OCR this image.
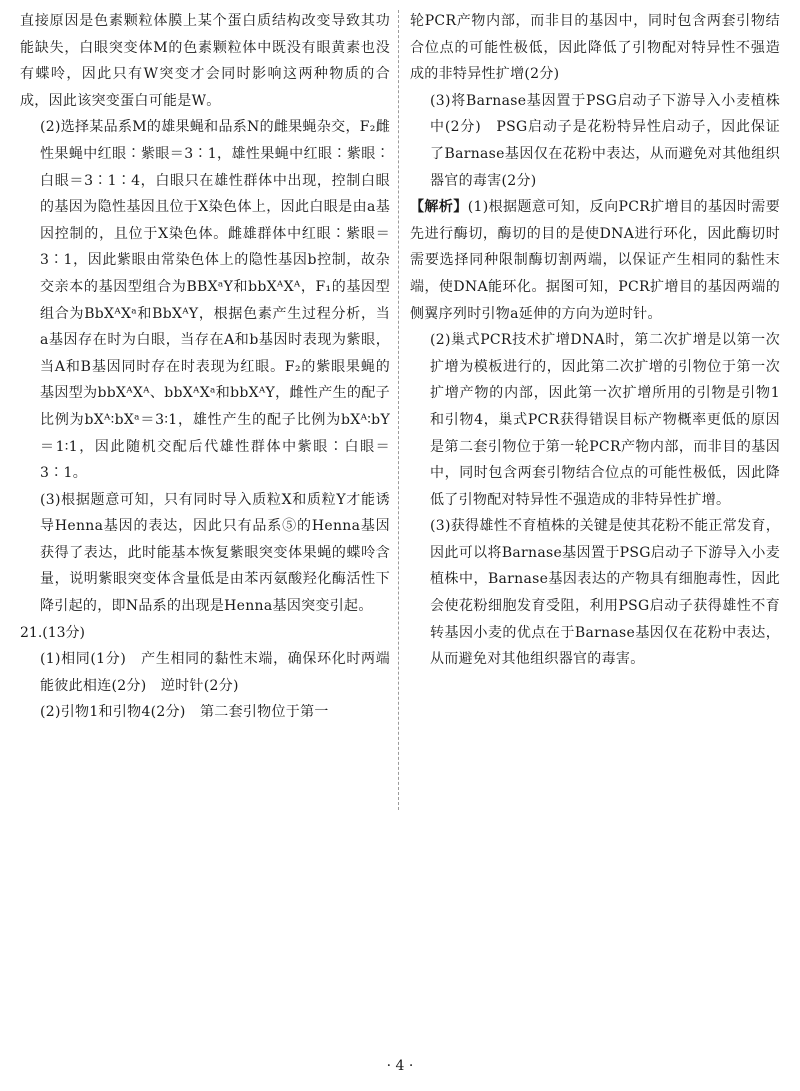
直接原因是色素颗粒体膜上某个蛋白质结构改变导致其功能缺失，白眼突变体M的色素颗粒体中既没有眼黄素也没有蝶呤，因此只有W突变才会同时影响这两种物质的合成，因此该突变蛋白可能是W。

(2)选择某品系M的雄果蝇和品系N的雌果蝇杂交，F₂雌性果蝇中红眼∶紫眼＝3∶1，雄性果蝇中红眼∶紫眼∶白眼＝3∶1∶4，白眼只在雄性群体中出现，控制白眼的基因为隐性基因且位于X染色体上，因此白眼是由a基因控制的，且位于X染色体。雌雄群体中红眼∶紫眼＝3∶1，因此紫眼由常染色体上的隐性基因b控制，故杂交亲本的基因型组合为BBXᵃY和bbXᴬXᴬ，F₁的基因型组合为BbXᴬXᵃ和BbXᴬY，根据色素产生过程分析，当a基因存在时为白眼，当存在A和b基因时表现为紫眼，当A和B基因同时存在时表现为红眼。F₂的紫眼果蝇的基因型为bbXᴬXᴬ、bbXᴬXᵃ和bbXᴬY，雌性产生的配子比例为bXᴬ∶bXᵃ＝3∶1，雄性产生的配子比例为bXᴬ∶bY＝1∶1，因此随机交配后代雄性群体中紫眼∶白眼＝3∶1。

(3)根据题意可知，只有同时导入质粒X和质粒Y才能诱导Henna基因的表达，因此只有品系⑤的Henna基因获得了表达，此时能基本恢复紫眼突变体果蝇的蝶呤含量，说明紫眼突变体含量低是由苯丙氨酸羟化酶活性下降引起的，即N品系的出现是Henna基因突变引起。

21.(13分)

(1)相同(1分)　产生相同的黏性末端，确保环化时两端能彼此相连(2分)　逆时针(2分)

(2)引物1和引物4(2分)　第二套引物位于第一

轮PCR产物内部，而非目的基因中，同时包含两套引物结合位点的可能性极低，因此降低了引物配对特异性不强造成的非特异性扩增(2分)

(3)将Barnase基因置于PSG启动子下游导入小麦植株中(2分)　PSG启动子是花粉特异性启动子，因此保证了Barnase基因仅在花粉中表达，从而避免对其他组织器官的毒害(2分)

【解析】(1)根据题意可知，反向PCR扩增目的基因时需要先进行酶切，酶切的目的是使DNA进行环化，因此酶切时需要选择同种限制酶切割两端，以保证产生相同的黏性末端，使DNA能环化。据图可知，PCR扩增目的基因两端的侧翼序列时引物a延伸的方向为逆时针。

(2)巢式PCR技术扩增DNA时，第二次扩增是以第一次扩增为模板进行的，因此第二次扩增的引物位于第一次扩增产物的内部，因此第一次扩增所用的引物是引物1和引物4，巢式PCR获得错误目标产物概率更低的原因是第二套引物位于第一轮PCR产物内部，而非目的基因中，同时包含两套引物结合位点的可能性极低，因此降低了引物配对特异性不强造成的非特异性扩增。

(3)获得雄性不育植株的关键是使其花粉不能正常发育，因此可以将Barnase基因置于PSG启动子下游导入小麦植株中，Barnase基因表达的产物具有细胞毒性，因此会使花粉细胞发育受阻，利用PSG启动子获得雄性不育转基因小麦的优点在于Barnase基因仅在花粉中表达，从而避免对其他组织器官的毒害。

· 4 ·
